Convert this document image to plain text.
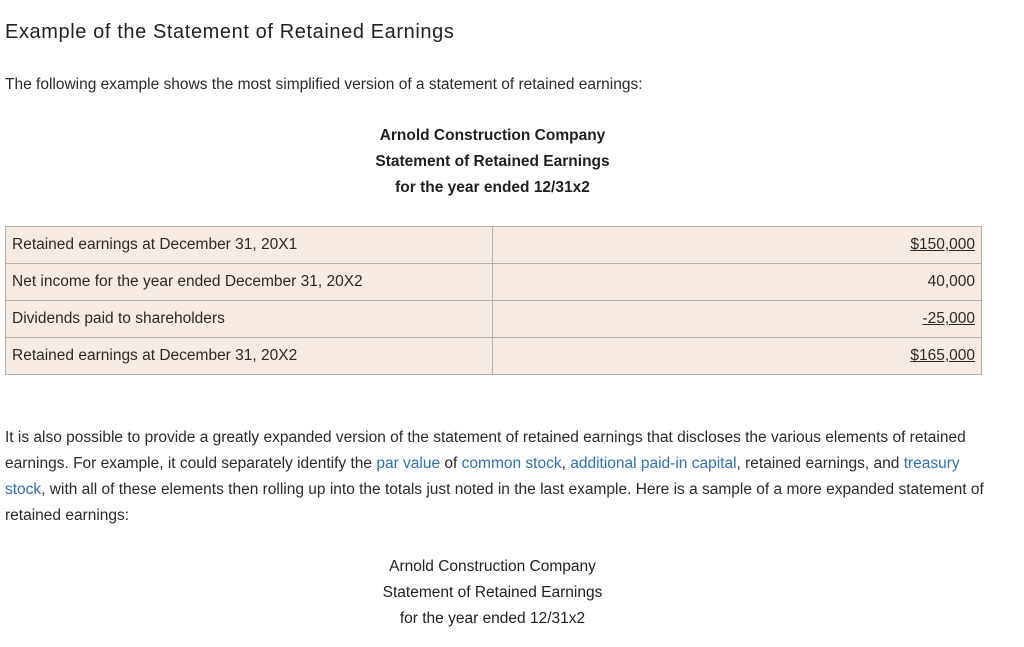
Example of the Statement of Retained Earnings

The following example shows the most simplified version of a statement of retained earnings:

Arnold Construction Company
Statement of Retained Earnings
for the year ended 12/31x2
Retained earnings at December 31, 20X1	$150,000
Net income for the year ended December 31, 20X2	40,000
Dividends paid to shareholders	-25,000
Retained earnings at December 31, 20X2	$165,000

It is also possible to provide a greatly expanded version of the statement of retained earnings that discloses the various elements of retained earnings. For example, it could separately identify the par value of common stock, additional paid-in capital, retained earnings, and treasury stock, with all of these elements then rolling up into the totals just noted in the last example. Here is a sample of a more expanded statement of retained earnings:

Arnold Construction Company
Statement of Retained Earnings
for the year ended 12/31x2
